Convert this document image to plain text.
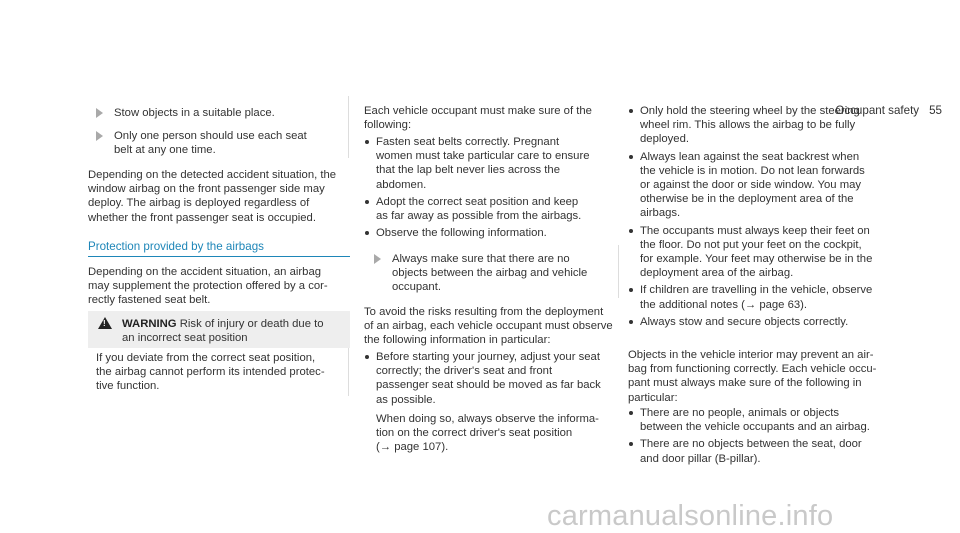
Occupant safety 55
Stow objects in a suitable place.
Only one person should use each seat
belt at any one time.
Depending on the detected accident situation, the
window airbag on the front passenger side may
deploy. The airbag is deployed regardless of
whether the front passenger seat is occupied.
Protection provided by the airbags
Depending on the accident situation, an airbag
may supplement the protection offered by a cor-
rectly fastened seat belt.
! WARNING Risk of injury or death due to
an incorrect seat position
If you deviate from the correct seat position,
the airbag cannot perform its intended protec-
tive function.
Each vehicle occupant must make sure of the
following:
Fasten seat belts correctly. Pregnant
women must take particular care to ensure
that the lap belt never lies across the
abdomen.
Adopt the correct seat position and keep
as far away as possible from the airbags.
Observe the following information.
Always make sure that there are no
objects between the airbag and vehicle
occupant.
To avoid the risks resulting from the deployment
of an airbag, each vehicle occupant must observe
the following information in particular:
Before starting your journey, adjust your seat
correctly; the driver's seat and front
passenger seat should be moved as far back
as possible.
When doing so, always observe the informa-
tion on the correct driver's seat position
(→ page 107).
Only hold the steering wheel by the steering
wheel rim. This allows the airbag to be fully
deployed.
Always lean against the seat backrest when
the vehicle is in motion. Do not lean forwards
or against the door or side window. You may
otherwise be in the deployment area of the
airbags.
The occupants must always keep their feet on
the floor. Do not put your feet on the cockpit,
for example. Your feet may otherwise be in the
deployment area of the airbag.
If children are travelling in the vehicle, observe
the additional notes (→ page 63).
Always stow and secure objects correctly.
Objects in the vehicle interior may prevent an air-
bag from functioning correctly. Each vehicle occu-
pant must always make sure of the following in
particular:
There are no people, animals or objects
between the vehicle occupants and an airbag.
There are no objects between the seat, door
and door pillar (B-pillar).
carmanualsonline.info
